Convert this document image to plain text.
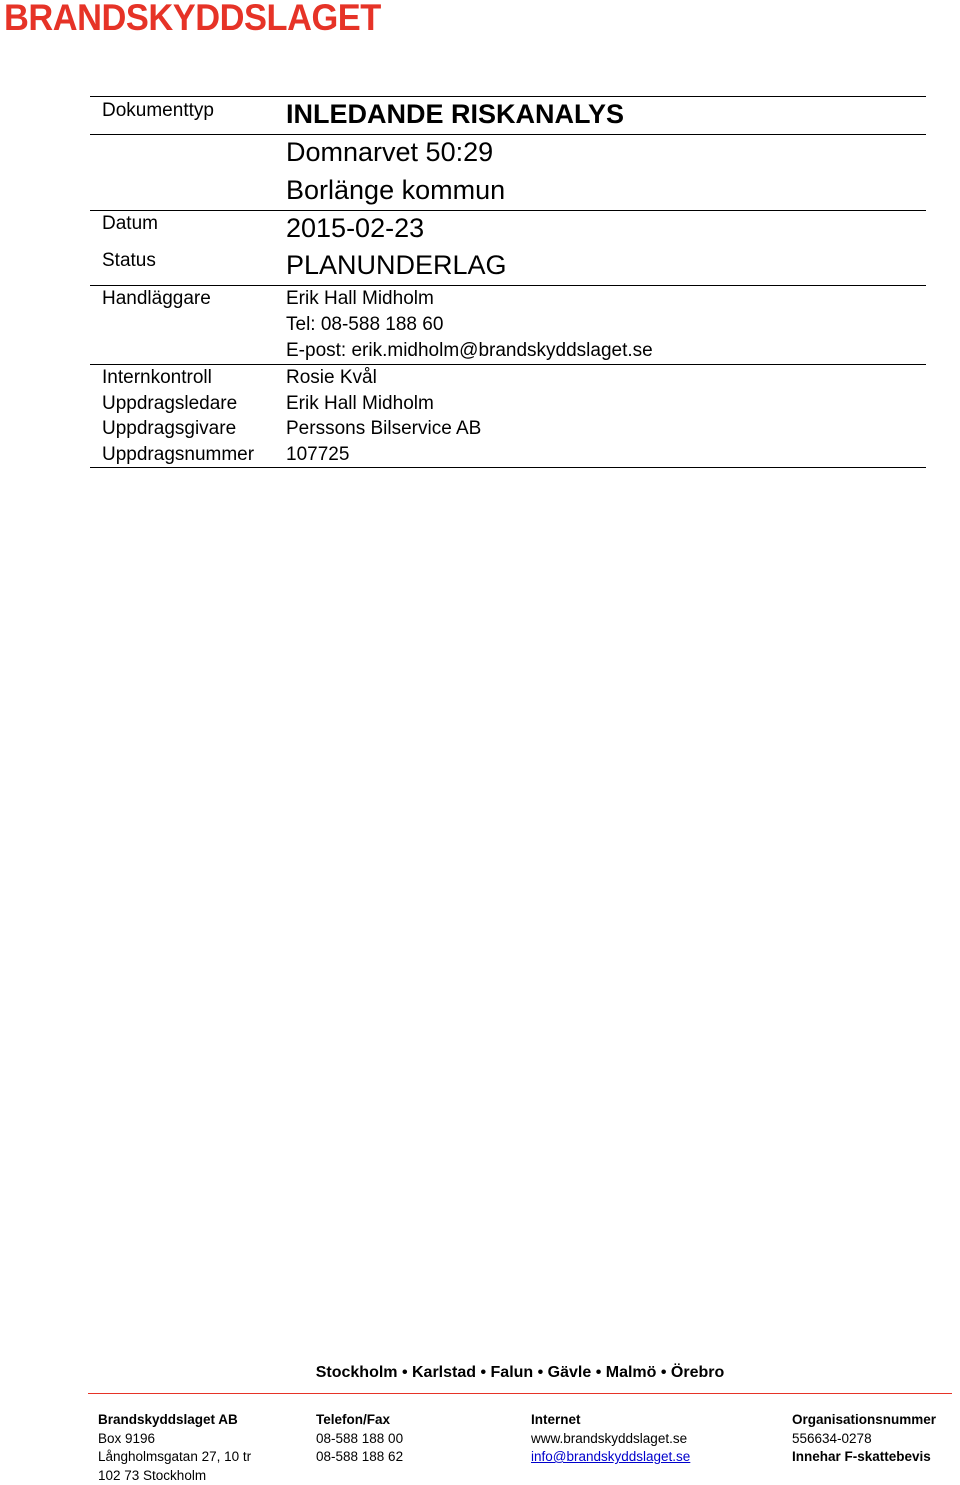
BRANDSKYDDSLAGET
Dokumenttyp	INLEDANDE RISKANALYS
Domnarvet 50:29
Borlänge kommun
Datum	2015-02-23
Status	PLANUNDERLAG
Handläggare	Erik Hall Midholm
Tel: 08-588 188 60
E-post: erik.midholm@brandskyddslaget.se
Internkontroll	Rosie Kvål
Uppdragsledare	Erik Hall Midholm
Uppdragsgivare	Perssons Bilservice AB
Uppdragsnummer 107725
Stockholm • Karlstad • Falun • Gävle • Malmö • Örebro
Brandskyddslaget AB
Box 9196
Långholmsgatan 27, 10 tr
102 73 Stockholm
Telefon/Fax
08-588 188 00
08-588 188 62
Internet
www.brandskyddslaget.se
info@brandskyddslaget.se
Organisationsnummer
556634-0278
Innehar F-skattebevis
